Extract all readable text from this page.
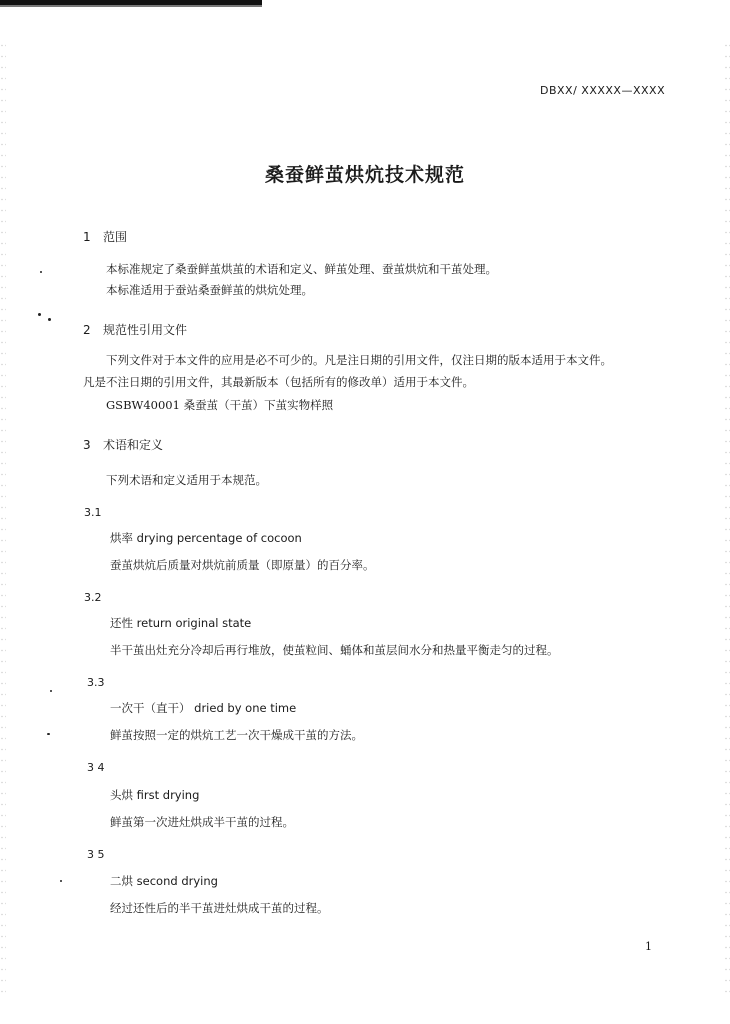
DBXX/ XXXXX—XXXX
桑蚕鲜茧烘炕技术规范
1 范围
本标准规定了桑蚕鲜茧烘茧的术语和定义、鲜茧处理、蚕茧烘炕和干茧处理。
本标准适用于蚕站桑蚕鲜茧的烘炕处理。
2 规范性引用文件
下列文件对于本文件的应用是必不可少的。凡是注日期的引用文件，仅注日期的版本适用于本文件。
凡是不注日期的引用文件，其最新版本（包括所有的修改单）适用于本文件。
GSBW40001 桑蚕茧（干茧）下茧实物样照
3 术语和定义
下列术语和定义适用于本规范。
3.1
烘率 drying percentage of cocoon
蚕茧烘炕后质量对烘炕前质量（即原量）的百分率。
3.2
还性 return original state
半干茧出灶充分冷却后再行堆放，使茧粒间、蛹体和茧层间水分和热量平衡走匀的过程。
3.3
一次干（直干） dried by one time
鲜茧按照一定的烘炕工艺一次干燥成干茧的方法。
3 4
头烘 first drying
鲜茧第一次进灶烘成半干茧的过程。
3 5
二烘 second drying
经过还性后的半干茧进灶烘成干茧的过程。
1
